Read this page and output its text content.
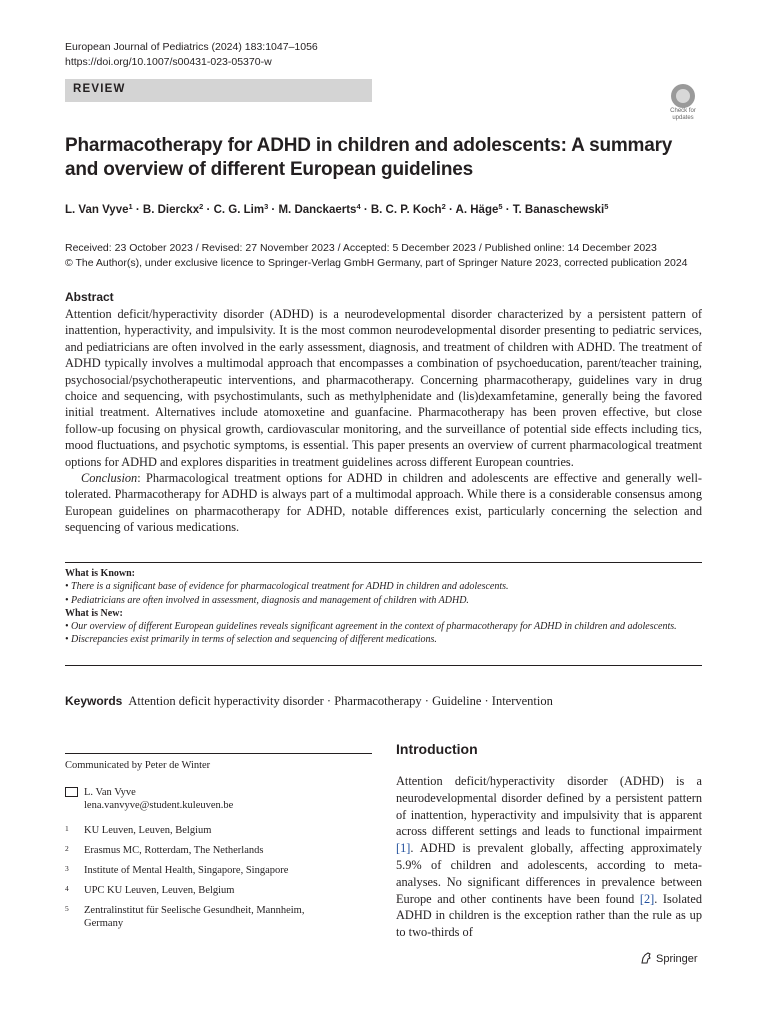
European Journal of Pediatrics (2024) 183:1047–1056
https://doi.org/10.1007/s00431-023-05370-w
REVIEW
Check for updates
Pharmacotherapy for ADHD in children and adolescents: A summary and overview of different European guidelines
L. Van Vyve$^1$ · B. Dierckx$^2$ · C. G. Lim$^3$ · M. Danckaerts$^4$ · B. C. P. Koch$^2$ · A. Häge$^5$ · T. Banaschewski$^5$
Received: 23 October 2023 / Revised: 27 November 2023 / Accepted: 5 December 2023 / Published online: 14 December 2023
© The Author(s), under exclusive licence to Springer-Verlag GmbH Germany, part of Springer Nature 2023, corrected publication 2024
Abstract

Attention deficit/hyperactivity disorder (ADHD) is a neurodevelopmental disorder characterized by a persistent pattern of inattention, hyperactivity, and impulsivity. It is the most common neurodevelopmental disorder presenting to pediatric services, and pediatricians are often involved in the early assessment, diagnosis, and treatment of children with ADHD. The treatment of ADHD typically involves a multimodal approach that encompasses a combination of psychoeducation, parent/teacher training, psychosocial/psychotherapeutic interventions, and pharmacotherapy. Concerning pharmacotherapy, guidelines vary in drug choice and sequencing, with psychostimulants, such as methylphenidate and (lis)dexamfetamine, generally being the favored initial treatment. Alternatives include atomoxetine and guanfacine. Pharmacotherapy has been proven effective, but close follow-up focusing on physical growth, cardiovascular monitoring, and the surveillance of potential side effects including tics, mood fluctuations, and psychotic symptoms, is essential. This paper presents an overview of current pharmacological treatment options for ADHD and explores disparities in treatment guidelines across different European countries.

Conclusion: Pharmacological treatment options for ADHD in children and adolescents are effective and generally well-tolerated. Pharmacotherapy for ADHD is always part of a multimodal approach. While there is a considerable consensus among European guidelines on pharmacotherapy for ADHD, notable differences exist, particularly concerning the selection and sequencing of various medications.

What is Known:
• There is a significant base of evidence for pharmacological treatment for ADHD in children and adolescents.
• Pediatricians are often involved in assessment, diagnosis and management of children with ADHD.
What is New:
• Our overview of different European guidelines reveals significant agreement in the context of pharmacotherapy for ADHD in children and adolescents.
• Discrepancies exist primarily in terms of selection and sequencing of different medications.
Keywords Attention deficit hyperactivity disorder · Pharmacotherapy · Guideline · Intervention
Communicated by Peter de Winter
L. Van Vyve
lena.vanvyve@student.kuleuven.be
1 KU Leuven, Leuven, Belgium
2 Erasmus MC, Rotterdam, The Netherlands
3 Institute of Mental Health, Singapore, Singapore
4 UPC KU Leuven, Leuven, Belgium
5 Zentralinstitut für Seelische Gesundheit, Mannheim, Germany
Introduction
Attention deficit/hyperactivity disorder (ADHD) is a neurodevelopmental disorder defined by a persistent pattern of inattention, hyperactivity and impulsivity that is apparent across different settings and leads to functional impairment [1]. ADHD is prevalent globally, affecting approximately 5.9% of children and adolescents, according to meta-analyses. No significant differences in prevalence between Europe and other continents have been found [2]. Isolated ADHD in children is the exception rather than the rule as up to two-thirds of
Springer
